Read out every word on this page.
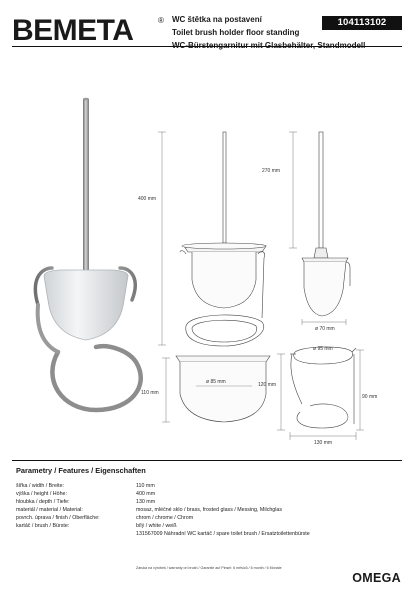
BEMETA	® WC štětka na postavení
Toilet brush holder floor standing
104113102
400 mm
270 mm
ø 70 mm
110 mm
ø 85 mm
ø 95 mm
120 mm
90 mm
130 mm
Parametry / Features / Eigenschaften
šířka / width / Breite:	110 mm
výška / height / Höhe:	400 mm
hloubka / depth / Tiefe:	130 mm
materiál / material / Material:	mosaz, mléčné sklo / brass, frosted glass / Messing, Milchglas
povrch. úprava / finish / Oberfläche:	chrom / chrome / Chrom
kartáč / brush / Bürste:	bílý / white / weiß
131567009 Náhradní WC kartáč / spare toilet brush / Ersatztoilettenbürste
Záruka na výrobek / warranty on brush / Garantie auf Pinsel: 6 měsíců / 6 month / 6 Monate
OMEGA
